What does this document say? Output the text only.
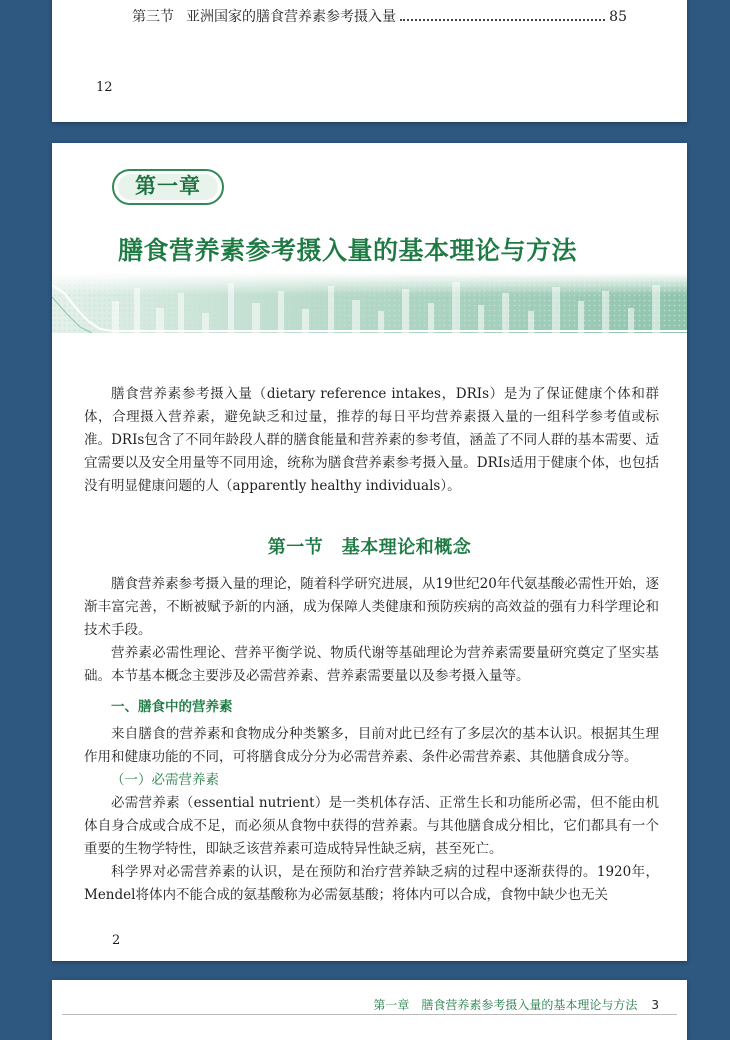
第三节 亚洲国家的膳食营养素参考摄入量	85
12
第一章
膳食营养素参考摄入量的基本理论与方法

膳食营养素参考摄入量（dietary reference intakes，DRIs）是为了保证健康个体和群体，合理摄入营养素，避免缺乏和过量，推荐的每日平均营养素摄入量的一组科学参考值或标准。DRIs包含了不同年龄段人群的膳食能量和营养素的参考值，涵盖了不同人群的基本需要、适宜需要以及安全用量等不同用途，统称为膳食营养素参考摄入量。DRIs适用于健康个体，也包括没有明显健康问题的人（apparently healthy individuals）。

第一节　基本理论和概念

膳食营养素参考摄入量的理论，随着科学研究进展，从19世纪20年代氨基酸必需性开始，逐渐丰富完善，不断被赋予新的内涵，成为保障人类健康和预防疾病的高效益的强有力科学理论和技术手段。

营养素必需性理论、营养平衡学说、物质代谢等基础理论为营养素需要量研究奠定了坚实基础。本节基本概念主要涉及必需营养素、营养素需要量以及参考摄入量等。

一、膳食中的营养素

来自膳食的营养素和食物成分种类繁多，目前对此已经有了多层次的基本认识。根据其生理作用和健康功能的不同，可将膳食成分分为必需营养素、条件必需营养素、其他膳食成分等。

（一）必需营养素

必需营养素（essential nutrient）是一类机体存活、正常生长和功能所必需，但不能由机体自身合成或合成不足，而必须从食物中获得的营养素。与其他膳食成分相比，它们都具有一个重要的生物学特性，即缺乏该营养素可造成特异性缺乏病，甚至死亡。

科学界对必需营养素的认识，是在预防和治疗营养缺乏病的过程中逐渐获得的。1920年，Mendel将体内不能合成的氨基酸称为必需氨基酸；将体内可以合成，食物中缺少也无关

2
第一章　膳食营养素参考摄入量的基本理论与方法 3
